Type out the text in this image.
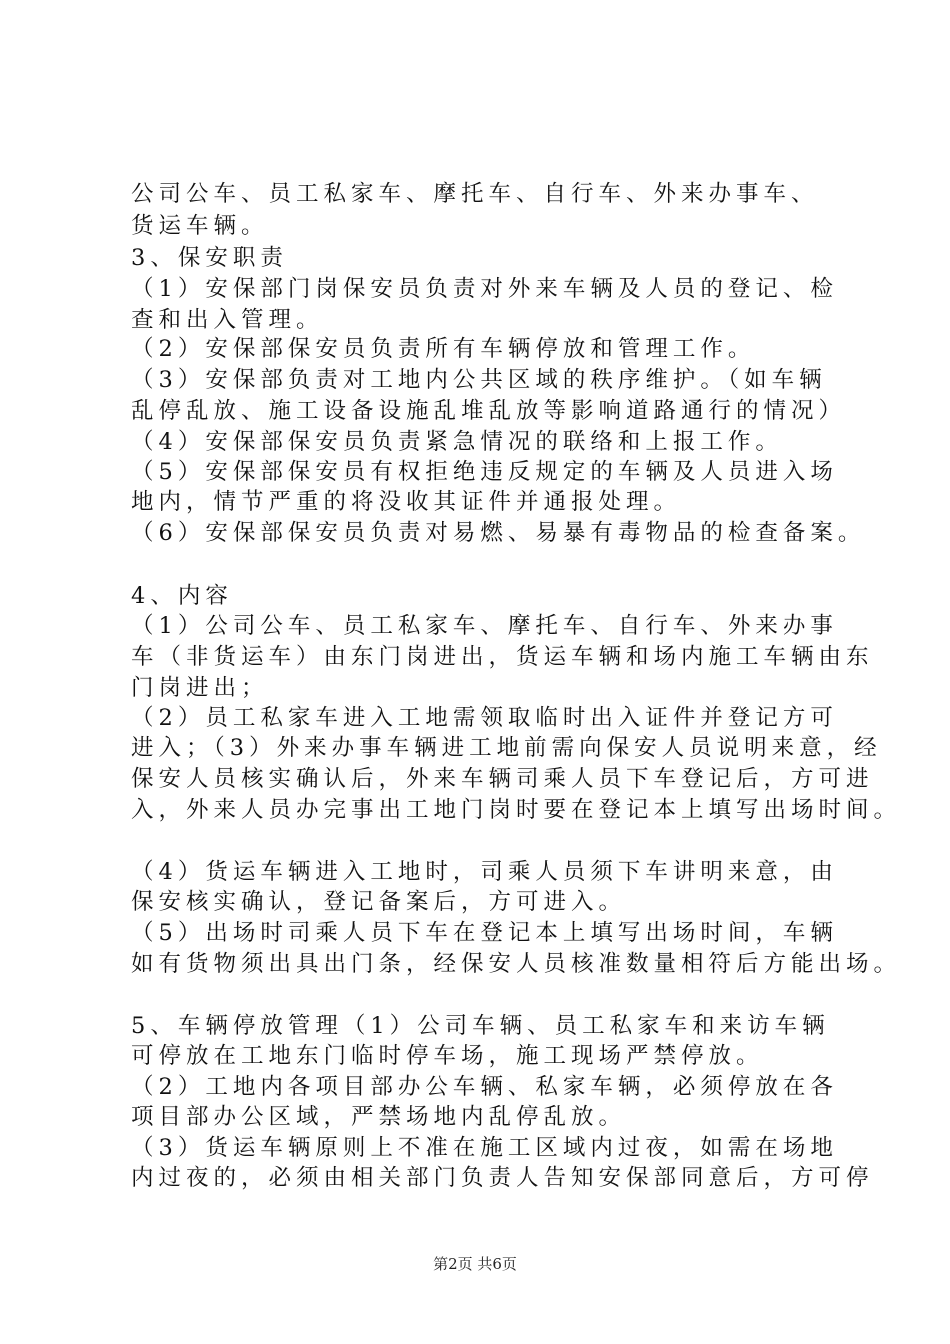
公司公车、员工私家车、摩托车、自行车、外来办事车、
货运车辆。
3、保安职责
（1）安保部门岗保安员负责对外来车辆及人员的登记、检
查和出入管理。
（2）安保部保安员负责所有车辆停放和管理工作。
（3）安保部负责对工地内公共区域的秩序维护。（如车辆
乱停乱放、施工设备设施乱堆乱放等影响道路通行的情况）
（4）安保部保安员负责紧急情况的联络和上报工作。
（5）安保部保安员有权拒绝违反规定的车辆及人员进入场
地内，情节严重的将没收其证件并通报处理。
（6）安保部保安员负责对易燃、易暴有毒物品的检查备案。
4、内容
（1）公司公车、员工私家车、摩托车、自行车、外来办事
车（非货运车）由东门岗进出，货运车辆和场内施工车辆由东
门岗进出；
（2）员工私家车进入工地需领取临时出入证件并登记方可
进入；（3）外来办事车辆进工地前需向保安人员说明来意，经
保安人员核实确认后，外来车辆司乘人员下车登记后，方可进
入，外来人员办完事出工地门岗时要在登记本上填写出场时间。
（4）货运车辆进入工地时，司乘人员须下车讲明来意，由
保安核实确认，登记备案后，方可进入。
（5）出场时司乘人员下车在登记本上填写出场时间，车辆
如有货物须出具出门条，经保安人员核准数量相符后方能出场。
5、车辆停放管理（1）公司车辆、员工私家车和来访车辆
可停放在工地东门临时停车场，施工现场严禁停放。
（2）工地内各项目部办公车辆、私家车辆，必须停放在各
项目部办公区域，严禁场地内乱停乱放。
（3）货运车辆原则上不准在施工区域内过夜，如需在场地
内过夜的，必须由相关部门负责人告知安保部同意后，方可停
第2页 共6页
